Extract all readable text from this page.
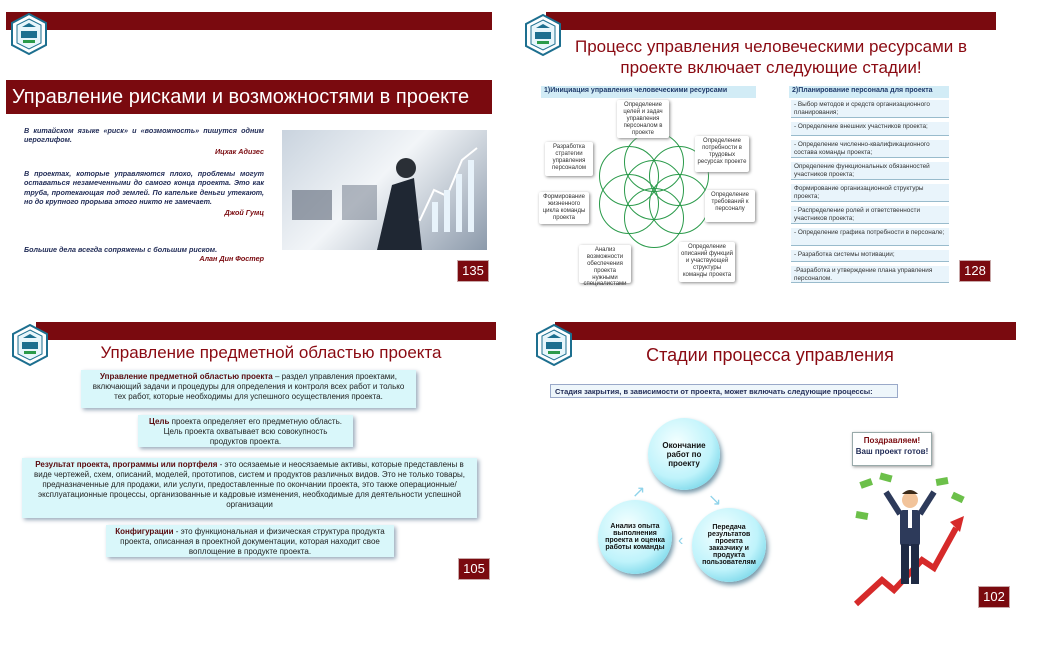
Управление рисками и возможностями в проекте
В китайском языке «риск» и «возможность» пишутся одним иероглифом.
Ицхак Адизес
В проектах, которые управляются плохо, проблемы могут оставаться незамеченными до самого конца проекта. Это как труба, протекающая под землей. По капельке деньги утекают, но до крупного прорыва этого никто не замечает.
Джой Гумц
Большие дела всегда сопряжены с большим риском.
Алан Дин Фостер
135
Процесс управления человеческими ресурсами в проекте включает следующие стадии!
1)Инициация управления человеческими ресурсами	2)Планирование персонала для проекта
Определение целей и задач управления персоналом в проекте
Определение потребности в трудовых ресурсах проекте
Определение требований к персоналу
Определение описаний функций и участвующей структуры команды проекта
Анализ возможности обеспечения проекта нужными специалистами
Формирование жизненного цикла команды проекта
Разработка стратегии управления персоналом
- Выбор методов и средств организационного планирования;
- Определение внешних участников проекта;
- Определение численно-квалификационного состава команды проекта;
Определение функциональных обязанностей участников проекта;
Формирование организационной структуры проекта;
- Распределение ролей и ответственности участников проекта;
- Определение графика потребности в персонале;
- Разработка системы мотивации;
-Разработка и утверждение плана управления персоналом.
128
Управление предметной областью проекта
Управление предметной областью проекта – раздел управления проектами, включающий задачи и процедуры для определения и контроля всех работ и только тех работ, которые необходимы для успешного осуществления проекта.
Цель проекта определяет его предметную область. Цель проекта охватывает всю совокупность продуктов проекта.
Результат проекта, программы или портфеля - это осязаемые и неосязаемые активы, которые представлены в виде чертежей, схем, описаний, моделей, прототипов, систем и продуктов различных видов. Это не только товары, предназначенные для продажи, или услуги, предоставленные по окончании проекта, это также операционные/эксплуатационные процессы, организованные и кадровые изменения, необходимые для деятельности успешной организации
Конфигурации - это функциональная и физическая структура продукта проекта, описанная в проектной документации, которая находит свое воплощение в продукте проекта.
105
Стадии процесса управления
Стадия закрытия, в зависимости от проекта, может включать следующие процессы:
Окончание работ по проекту
Передача результатов проекта заказчику и продукта пользователям
Анализ опыта выполнения проекта и оценка работы команды
↘
‹
↗
Поздравляем!
Ваш проект готов!
102
